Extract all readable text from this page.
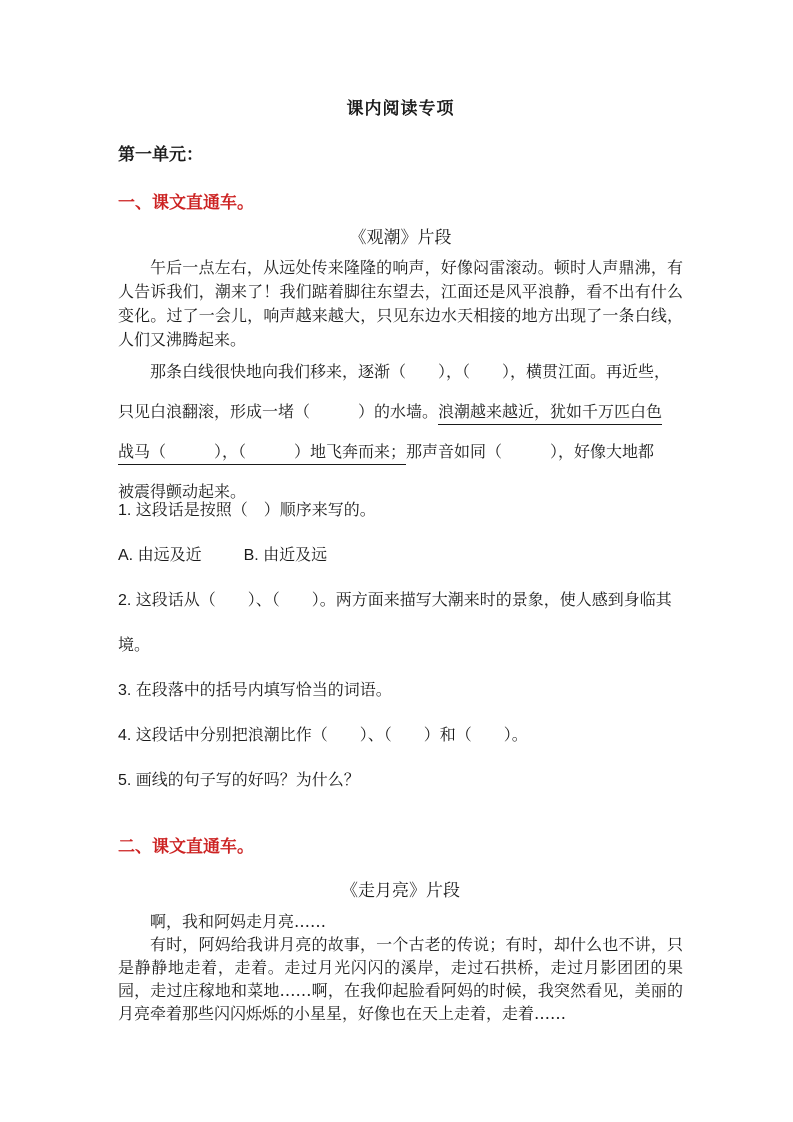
课内阅读专项
第一单元：
一、课文直通车。
《观潮》片段
午后一点左右，从远处传来隆隆的响声，好像闷雷滚动。顿时人声鼎沸，有人告诉我们，潮来了！我们踮着脚往东望去，江面还是风平浪静，看不出有什么变化。过了一会儿，响声越来越大，只见东边水天相接的地方出现了一条白线，人们又沸腾起来。
那条白线很快地向我们移来，逐渐（　　），（　　），横贯江面。再近些，
只见白浪翻滚，形成一堵（　　　）的水墙。浪潮越来越近，犹如千万匹白色
战马（　　　），（　　　）地飞奔而来；那声音如同（　　　），好像大地都
被震得颤动起来。
1. 这段话是按照（　）顺序来写的。
A. 由远及近	B. 由近及远
2. 这段话从（　　）、（　　）。两方面来描写大潮来时的景象，使人感到身临其
境。
3. 在段落中的括号内填写恰当的词语。
4. 这段话中分别把浪潮比作（　　）、（　　）和（　　）。
5. 画线的句子写的好吗？为什么？
二、课文直通车。
《走月亮》片段
啊，我和阿妈走月亮……
有时，阿妈给我讲月亮的故事，一个古老的传说；有时，却什么也不讲，只是静静地走着，走着。走过月光闪闪的溪岸，走过石拱桥，走过月影团团的果园，走过庄稼地和菜地……啊，在我仰起脸看阿妈的时候，我突然看见，美丽的月亮牵着那些闪闪烁烁的小星星，好像也在天上走着，走着……
